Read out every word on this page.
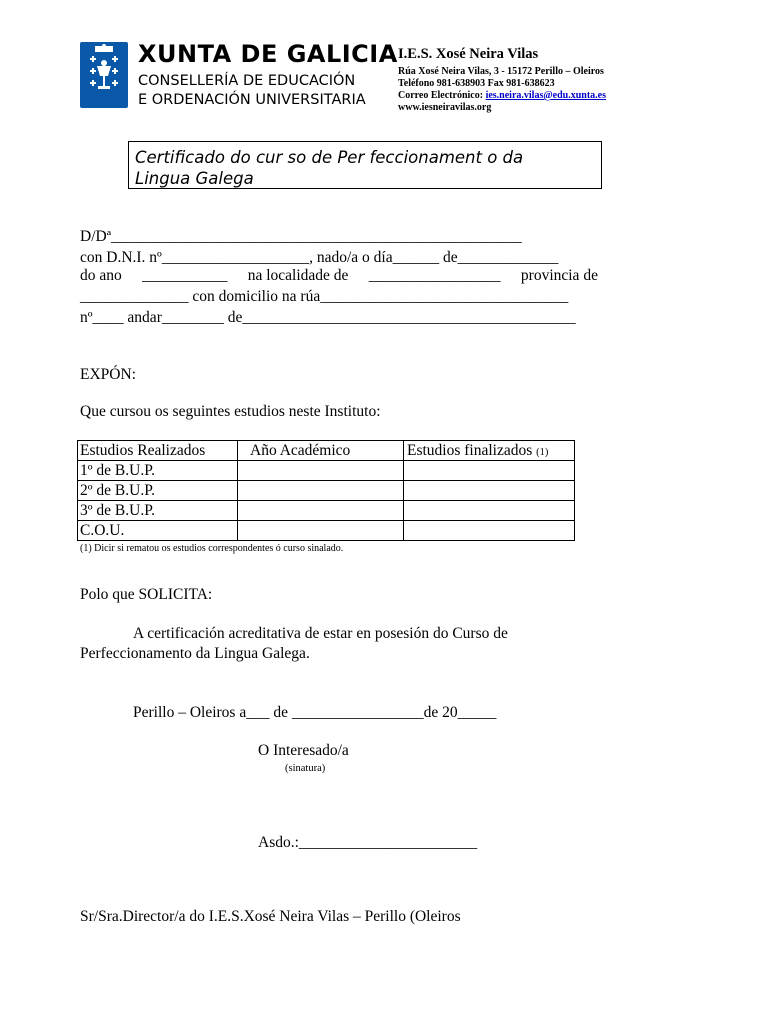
XUNTA DE GALICIA
CONSELLERÍA DE EDUCACIÓN
E ORDENACIÓN UNIVERSITARIA
I.E.S. Xosé Neira Vilas
Rúa Xosé Neira Vilas, 3 - 15172 Perillo – Oleiros
Teléfono 981-638903 Fax 981-638623
Correo Electrónico: ies.neira.vilas@edu.xunta.es
www.iesneiravilas.org
Certificado do cur so de Per feccionament o da
Lingua Galega
D/Dª_____________________________________________________
con D.N.I. nº___________________, nado/a o día______ de_____________
do ano ___________ na localidade de _________________ provincia de
______________ con domicilio na rúa________________________________
nº____ andar________ de___________________________________________
EXPÓN:
Que cursou os seguintes estudios neste Instituto:
Estudios Realizados	Año Académico	Estudios finalizados (1)
1º de B.U.P.		
2º de B.U.P.		
3º de B.U.P.		
C.O.U.		
(1) Dicir si rematou os estudios correspondentes ó curso sinalado.
Polo que SOLICITA:
A certificación acreditativa de estar en posesión do Curso de
Perfeccionamento da Lingua Galega.
Perillo – Oleiros a___ de _________________de 20_____
O Interesado/a
(sinatura)
Asdo.:_______________________
Sr/Sra.Director/a do I.E.S.Xosé Neira Vilas – Perillo (Oleiros
